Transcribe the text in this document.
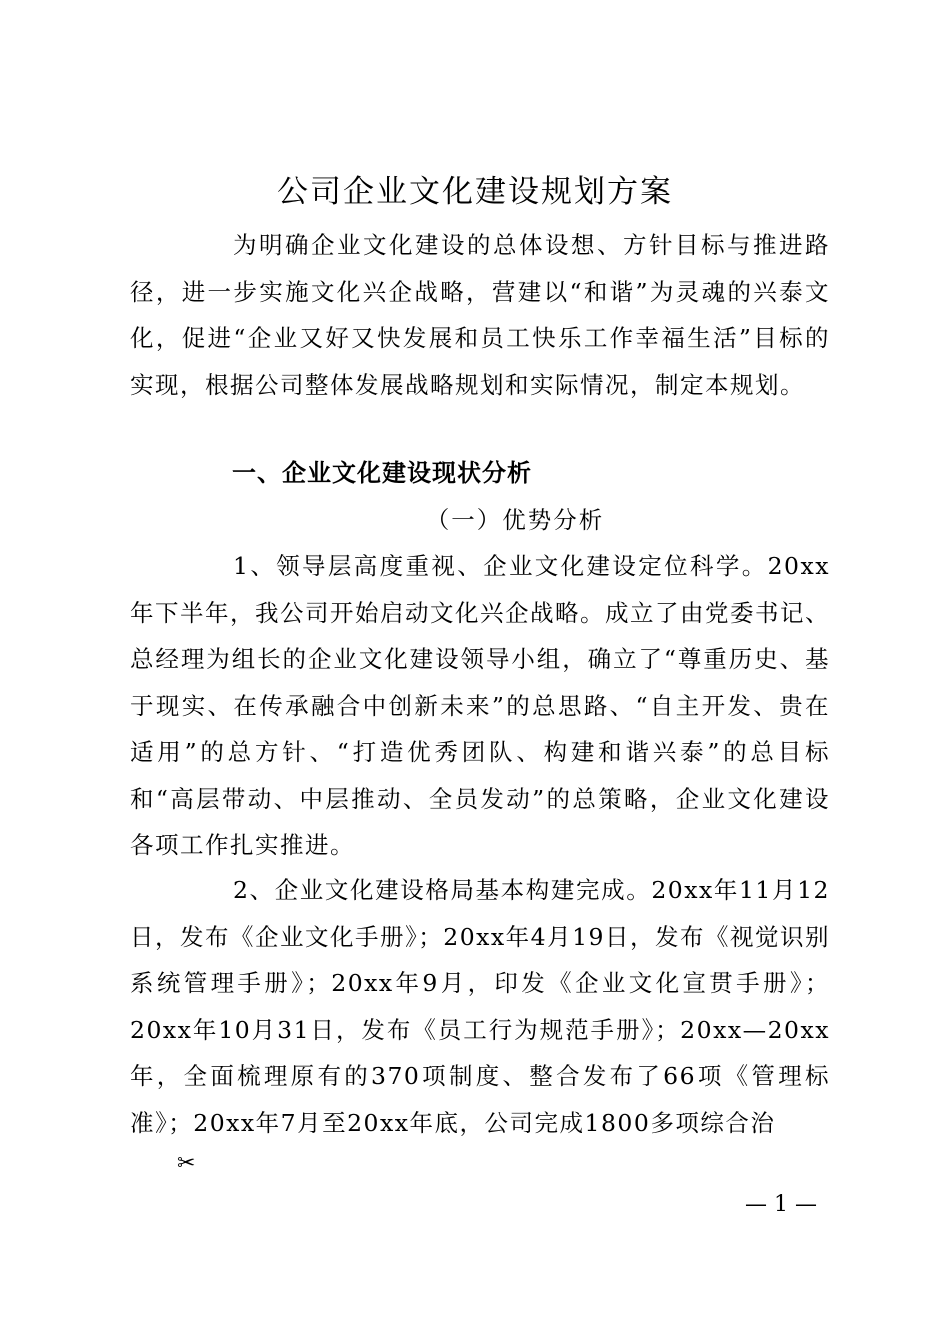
公司企业文化建设规划方案

为明确企业文化建设的总体设想、方针目标与推进路径，进一步实施文化兴企战略，营建以“和谐”为灵魂的兴泰文化，促进“企业又好又快发展和员工快乐工作幸福生活”目标的实现，根据公司整体发展战略规划和实际情况，制定本规划。

一、企业文化建设现状分析
（一）优势分析

1、领导层高度重视、企业文化建设定位科学。20xx年下半年，我公司开始启动文化兴企战略。成立了由党委书记、总经理为组长的企业文化建设领导小组，确立了“尊重历史、基于现实、在传承融合中创新未来”的总思路、“自主开发、贵在适用”的总方针、“打造优秀团队、构建和谐兴泰”的总目标和“高层带动、中层推动、全员发动”的总策略，企业文化建设各项工作扎实推进。

2、企业文化建设格局基本构建完成。20xx年11月12日，发布《企业文化手册》；20xx年4月19日，发布《视觉识别系统管理手册》；20xx年9月，印发《企业文化宣贯手册》；20xx年10月31日，发布《员工行为规范手册》；20xx—20xx年，全面梳理原有的370项制度、整合发布了66项《管理标准》；20xx年7月至20xx年底，公司完成1800多项综合治

✂
— 1 —
